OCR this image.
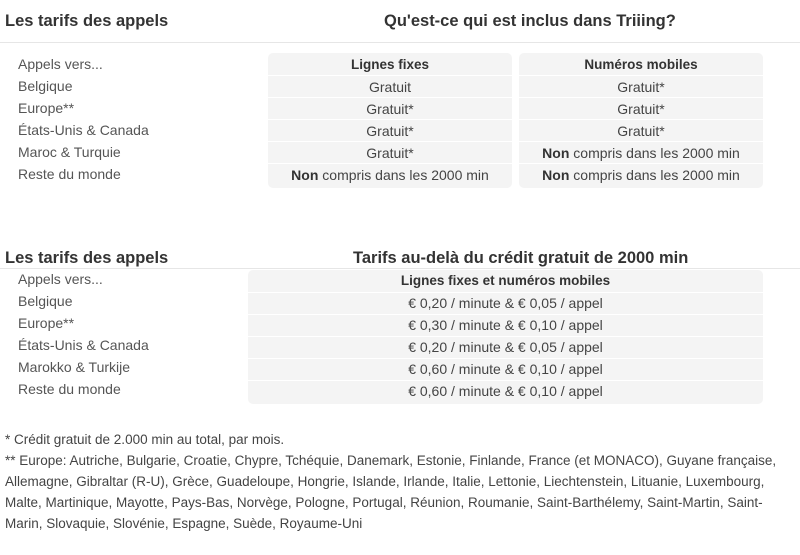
Les tarifs des appels	Qu'est-ce qui est inclus dans Triiing?
Appels vers...
Belgique
Europe**
États-Unis & Canada
Maroc & Turquie
Reste du monde
Lignes fixes
Gratuit
Gratuit*
Gratuit*
Gratuit*
Non compris dans les 2000 min
Numéros mobiles
Gratuit*
Gratuit*
Gratuit*
Non compris dans les 2000 min
Non compris dans les 2000 min
Les tarifs des appels	Tarifs au-delà du crédit gratuit de 2000 min
Appels vers...
Belgique
Europe**
États-Unis & Canada
Marokko & Turkije
Reste du monde
Lignes fixes et numéros mobiles
€ 0,20 / minute & € 0,05 / appel
€ 0,30 / minute & € 0,10 / appel
€ 0,20 / minute & € 0,05 / appel
€ 0,60 / minute & € 0,10 / appel
€ 0,60 / minute & € 0,10 / appel
* Crédit gratuit de 2.000 min au total, par mois.
** Europe: Autriche, Bulgarie, Croatie, Chypre, Tchéquie, Danemark, Estonie, Finlande, France (et MONACO), Guyane française, Allemagne, Gibraltar (R-U), Grèce, Guadeloupe, Hongrie, Islande, Irlande, Italie, Lettonie, Liechtenstein, Lituanie, Luxembourg, Malte, Martinique, Mayotte, Pays-Bas, Norvège, Pologne, Portugal, Réunion, Roumanie, Saint-Barthélemy, Saint-Martin, Saint-Marin, Slovaquie, Slovénie, Espagne, Suède, Royaume-Uni
